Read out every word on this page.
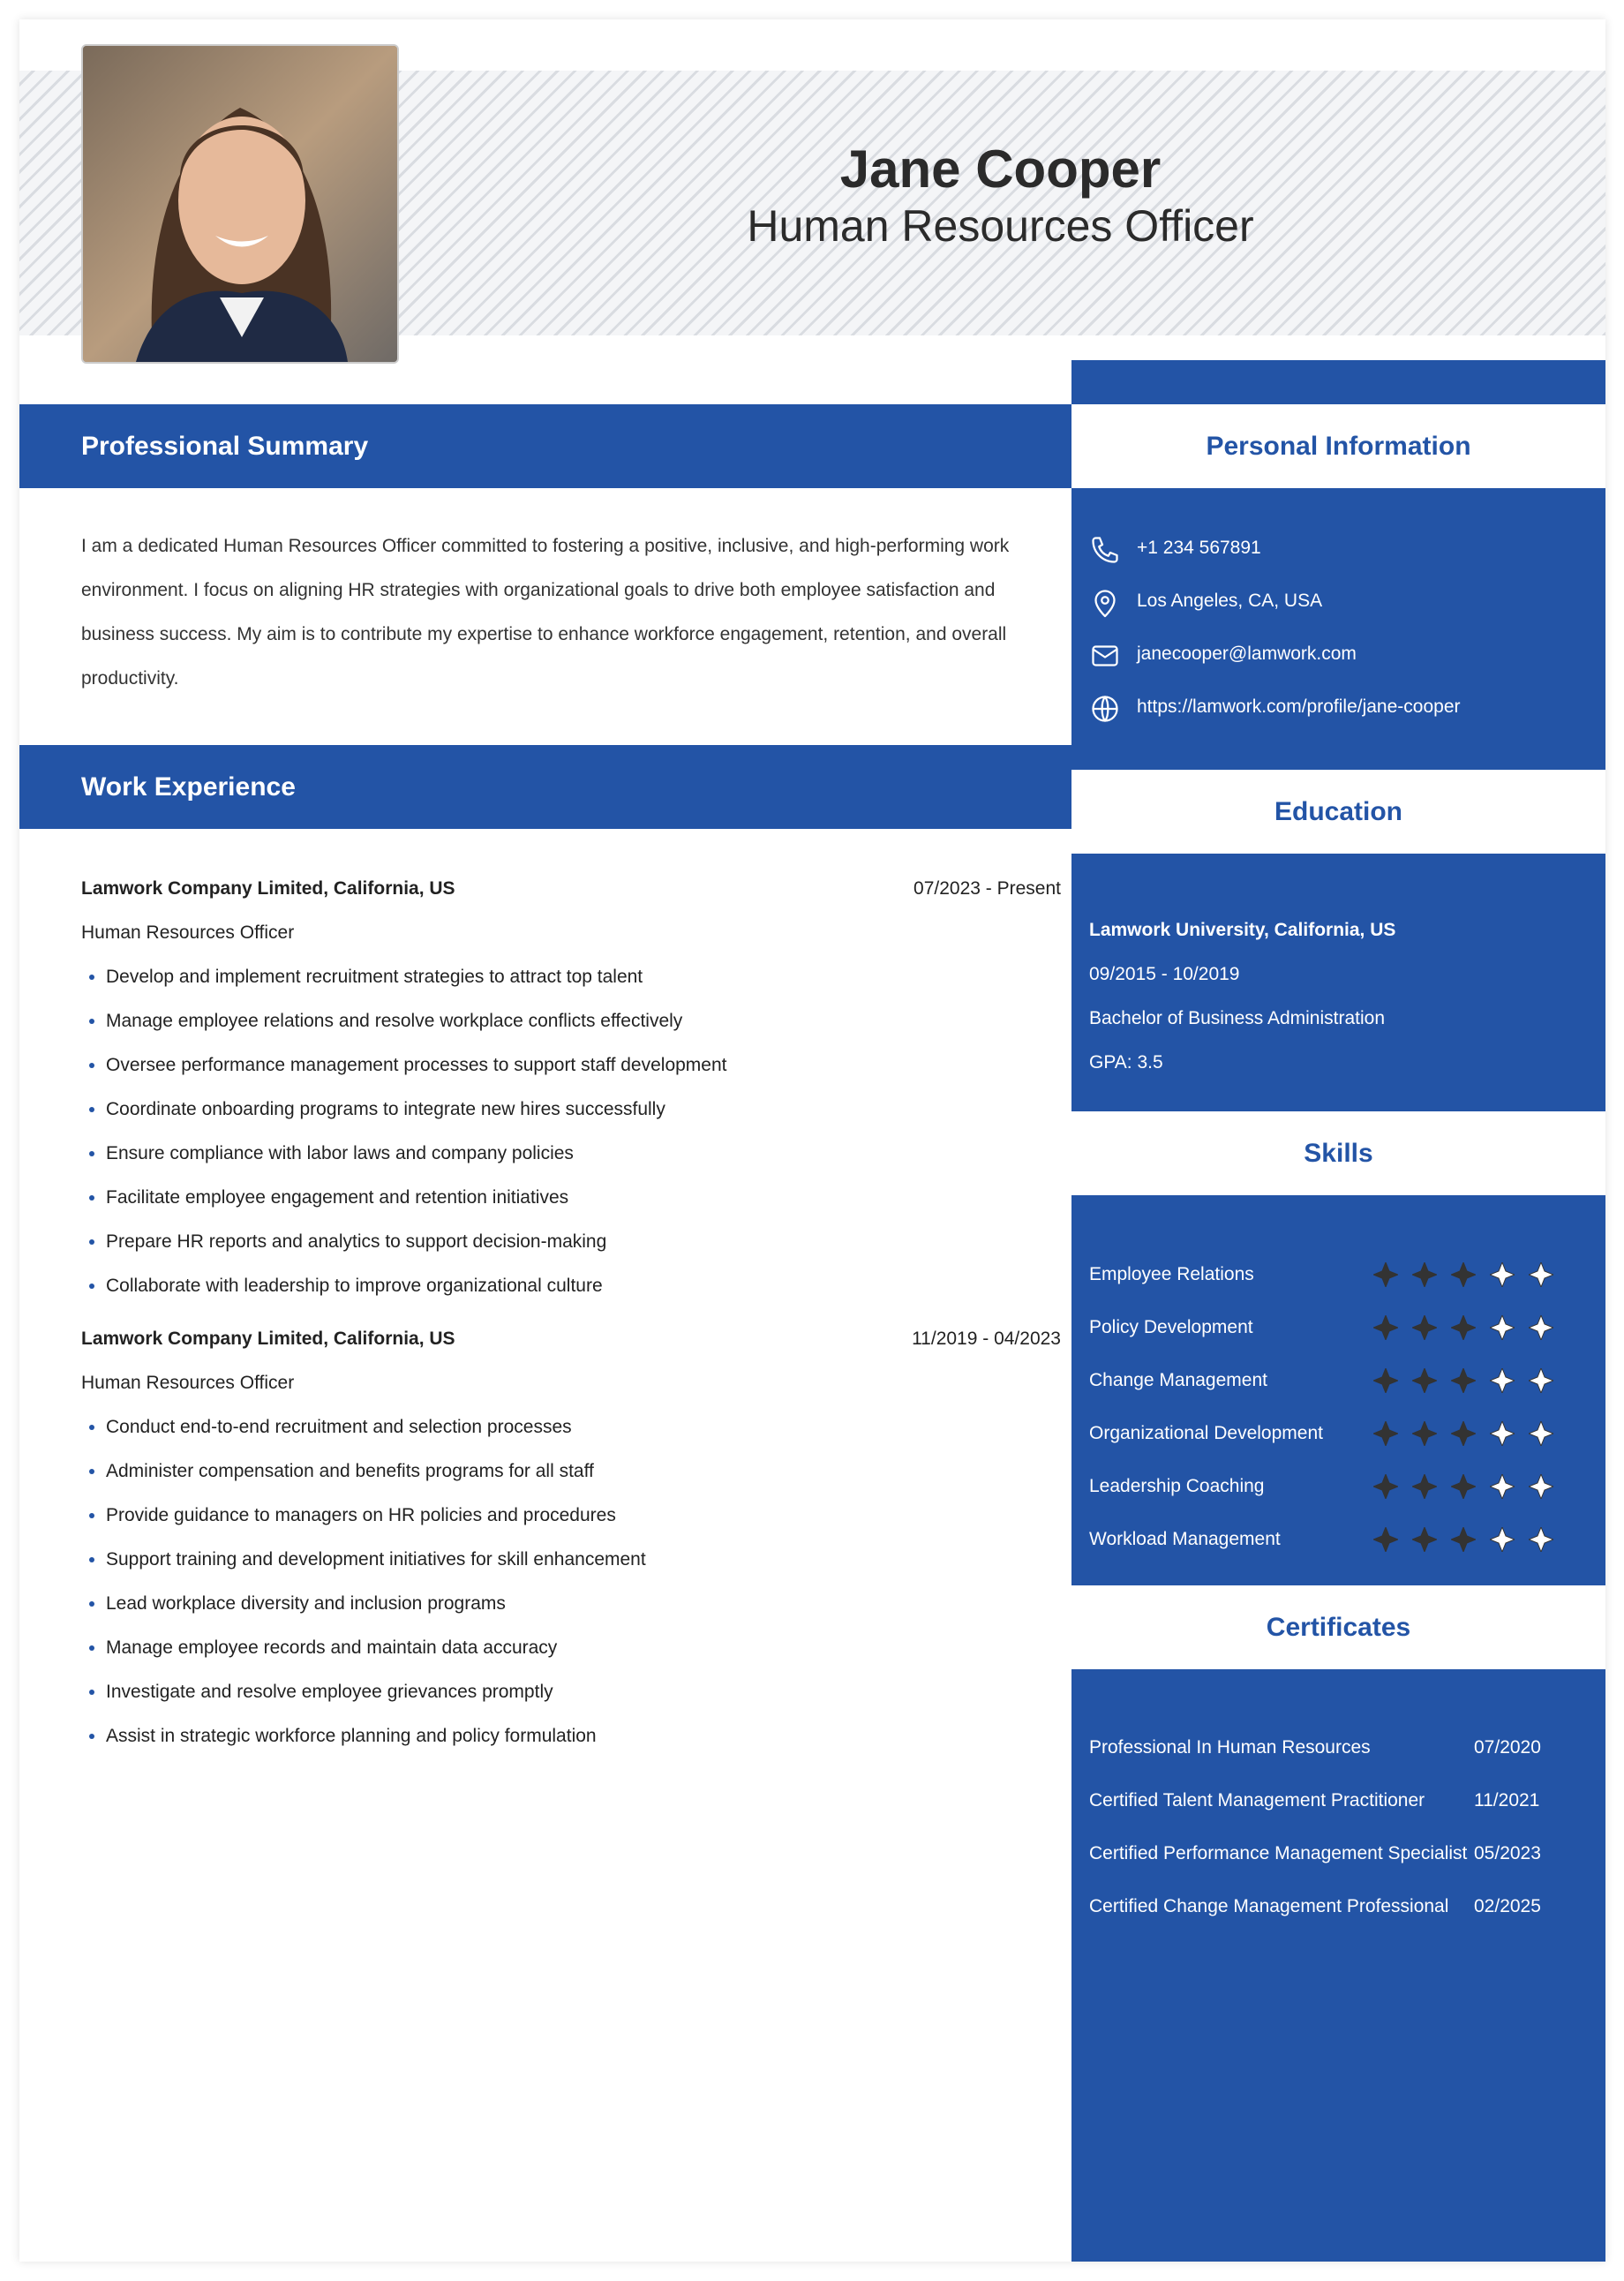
Jane Cooper
Human Resources Officer
Professional Summary
I am a dedicated Human Resources Officer committed to fostering a positive, inclusive, and high-performing work environment. I focus on aligning HR strategies with organizational goals to drive both employee satisfaction and business success. My aim is to contribute my expertise to enhance workforce engagement, retention, and overall productivity.
Work Experience
Lamwork Company Limited, California, US	07/2023 - Present
Human Resources Officer
• Develop and implement recruitment strategies to attract top talent
• Manage employee relations and resolve workplace conflicts effectively
• Oversee performance management processes to support staff development
• Coordinate onboarding programs to integrate new hires successfully
• Ensure compliance with labor laws and company policies
• Facilitate employee engagement and retention initiatives
• Prepare HR reports and analytics to support decision-making
• Collaborate with leadership to improve organizational culture
Lamwork Company Limited, California, US	11/2019 - 04/2023
Human Resources Officer
• Conduct end-to-end recruitment and selection processes
• Administer compensation and benefits programs for all staff
• Provide guidance to managers on HR policies and procedures
• Support training and development initiatives for skill enhancement
• Lead workplace diversity and inclusion programs
• Manage employee records and maintain data accuracy
• Investigate and resolve employee grievances promptly
• Assist in strategic workforce planning and policy formulation
Personal Information
+1 234 567891
Los Angeles, CA, USA
janecooper@lamwork.com
https://lamwork.com/profile/jane-cooper
Education
Lamwork University, California, US
09/2015 - 10/2019
Bachelor of Business Administration
GPA: 3.5
Skills
Employee Relations
Policy Development
Change Management
Organizational Development
Leadership Coaching
Workload Management
Certificates
Professional In Human Resources	07/2020
Certified Talent Management Practitioner	11/2021
Certified Performance Management Specialist 05/2023
Certified Change Management Professional 02/2025
